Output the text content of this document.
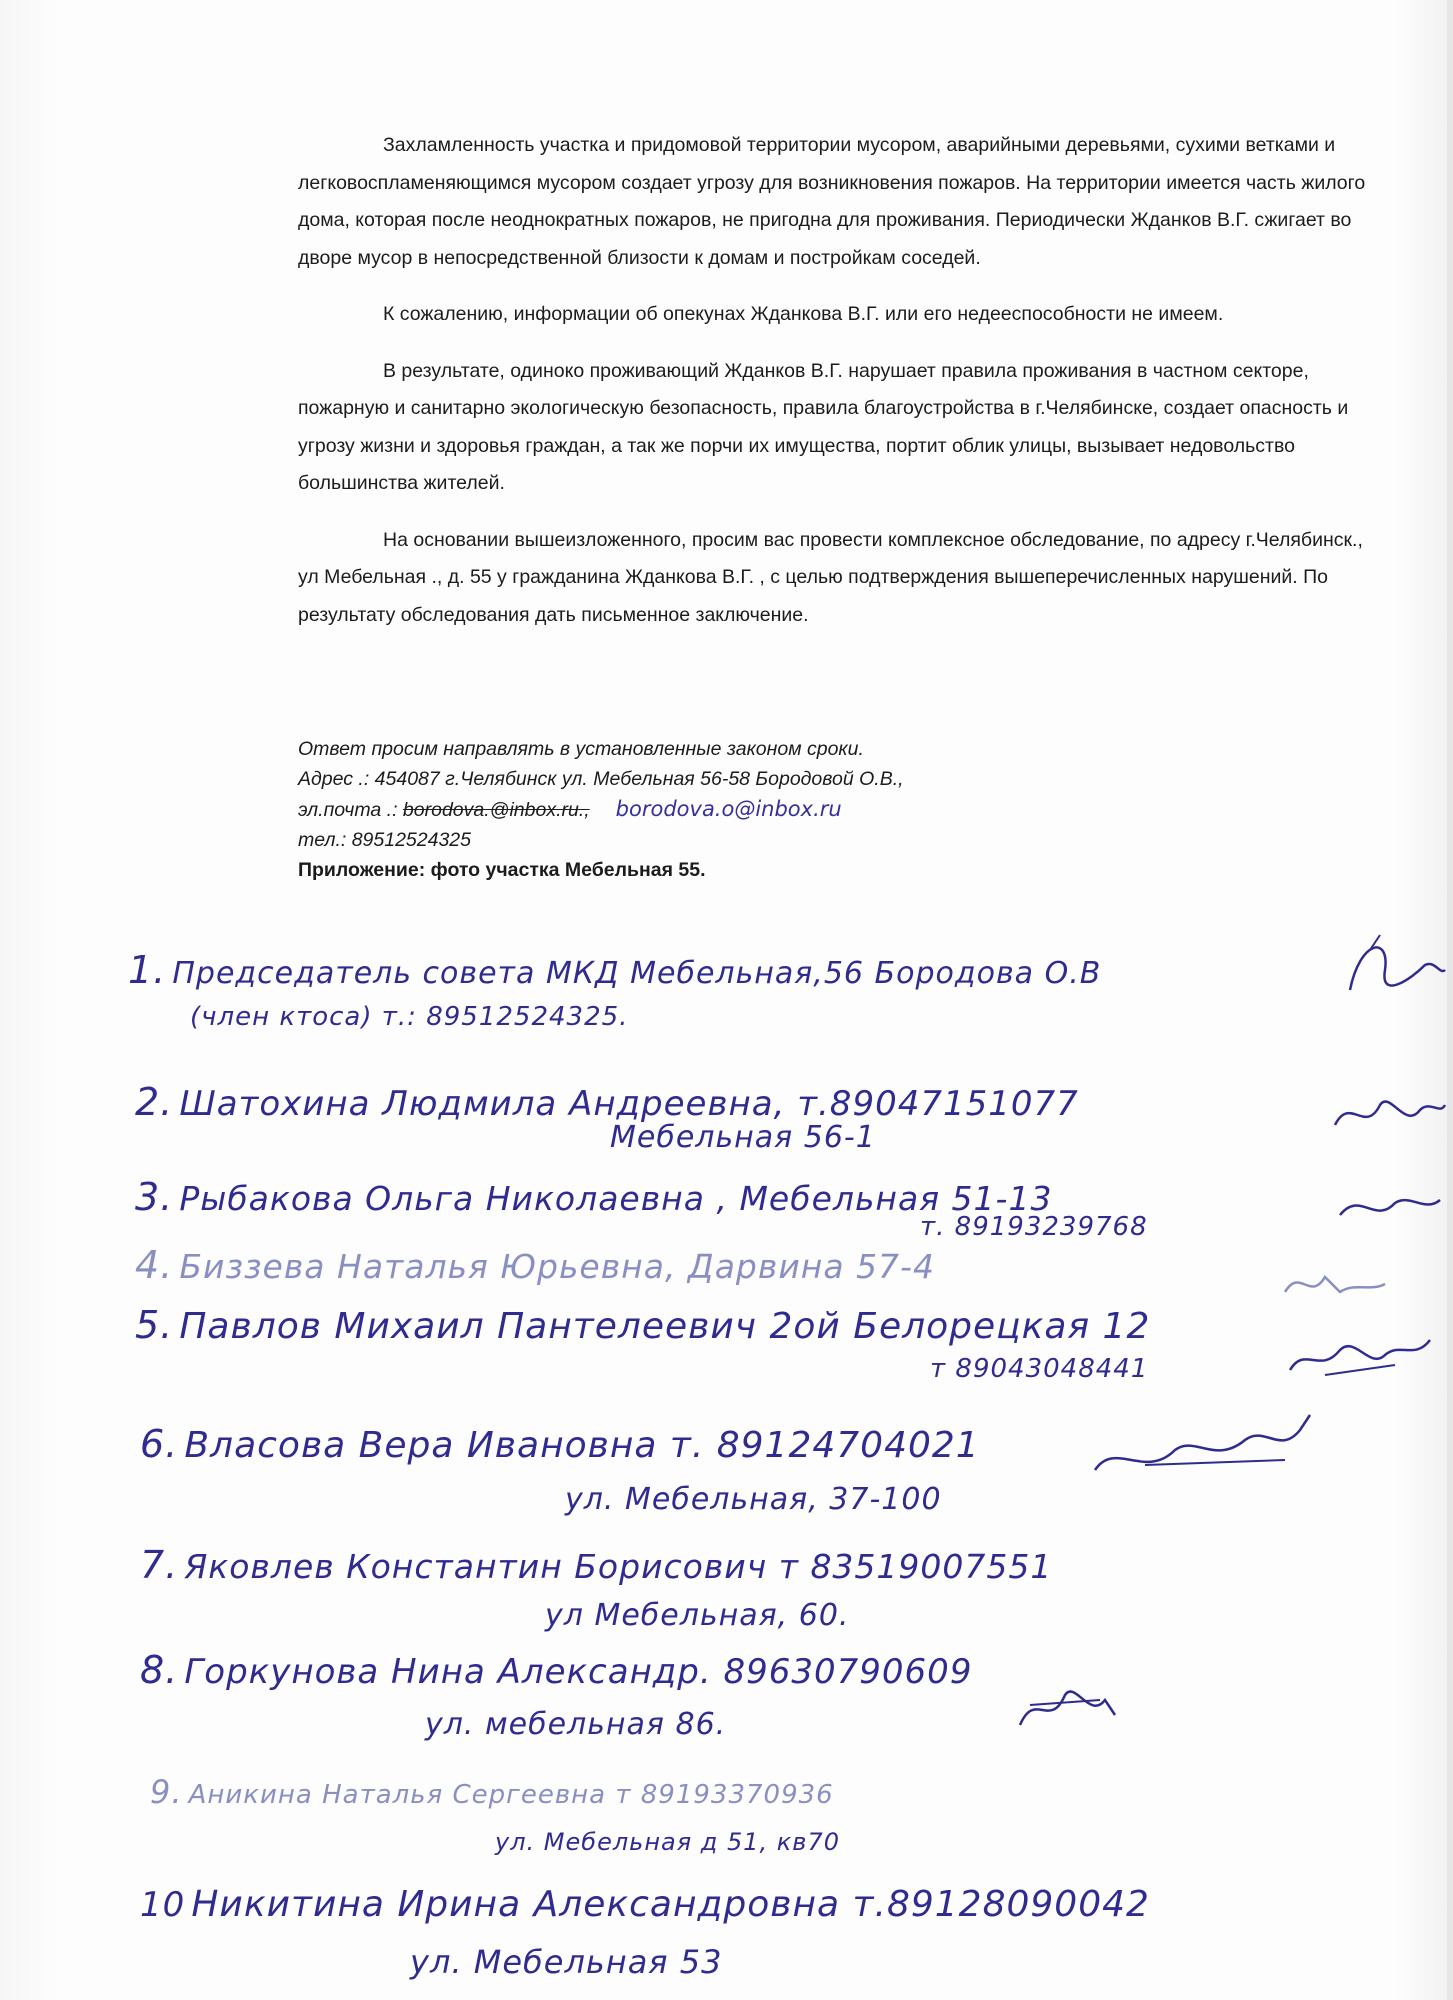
Захламленность участка и придомовой территории мусором, аварийными деревьями, сухими ветками и легковоспламеняющимся мусором создает угрозу для возникновения пожаров. На территории имеется часть жилого дома, которая после неоднократных пожаров, не пригодна для проживания. Периодически Жданков В.Г. сжигает во дворе мусор в непосредственной близости к домам и постройкам соседей.

К сожалению, информации об опекунах Жданкова В.Г. или его недееспособности не имеем.

В результате, одиноко проживающий Жданков В.Г. нарушает правила проживания в частном секторе, пожарную и санитарно экологическую безопасность, правила благоустройства в г.Челябинске, создает опасность и угрозу жизни и здоровья граждан, а так же порчи их имущества, портит облик улицы, вызывает недовольство большинства жителей.

На основании вышеизложенного, просим вас провести комплексное обследование, по адресу г.Челябинск., ул Мебельная ., д. 55 у гражданина Жданкова В.Г. , с целью подтверждения вышеперечисленных нарушений. По результату обследования дать письменное заключение.

Ответ просим направлять в установленные законом сроки.
Адрес .: 454087 г.Челябинск ул. Мебельная 56-58 Бородовой О.В.,
эл.почта .: borodova.@inbox.ru., borodova.o@inbox.ru
тел.: 89512524325
Приложение: фото участка Мебельная 55.
1. Председатель совета МКД Мебельная,56 Бородова О.В
(член ктоса) т.: 89512524325.
2. Шатохина Людмила Андреевна, т.89047151077
Мебельная 56-1
3. Рыбакова Ольга Николаевна , Мебельная 51-13
т. 89193239768
4. Биззева Наталья Юрьевна, Дарвина 57-4
5. Павлов Михаил Пантелеевич 2ой Белорецкая 12
т 89043048441
6. Власова Вера Ивановна т. 89124704021
ул. Мебельная, 37-100
7. Яковлев Константин Борисович т 83519007551
ул Мебельная, 60.
8. Горкунова Нина Александр. 89630790609
ул. мебельная 86.
9. Аникина Наталья Сергеевна т 89193370936
ул. Мебельная д 51, кв70
10 Никитина Ирина Александровна т.89128090042
ул. Мебельная 53
